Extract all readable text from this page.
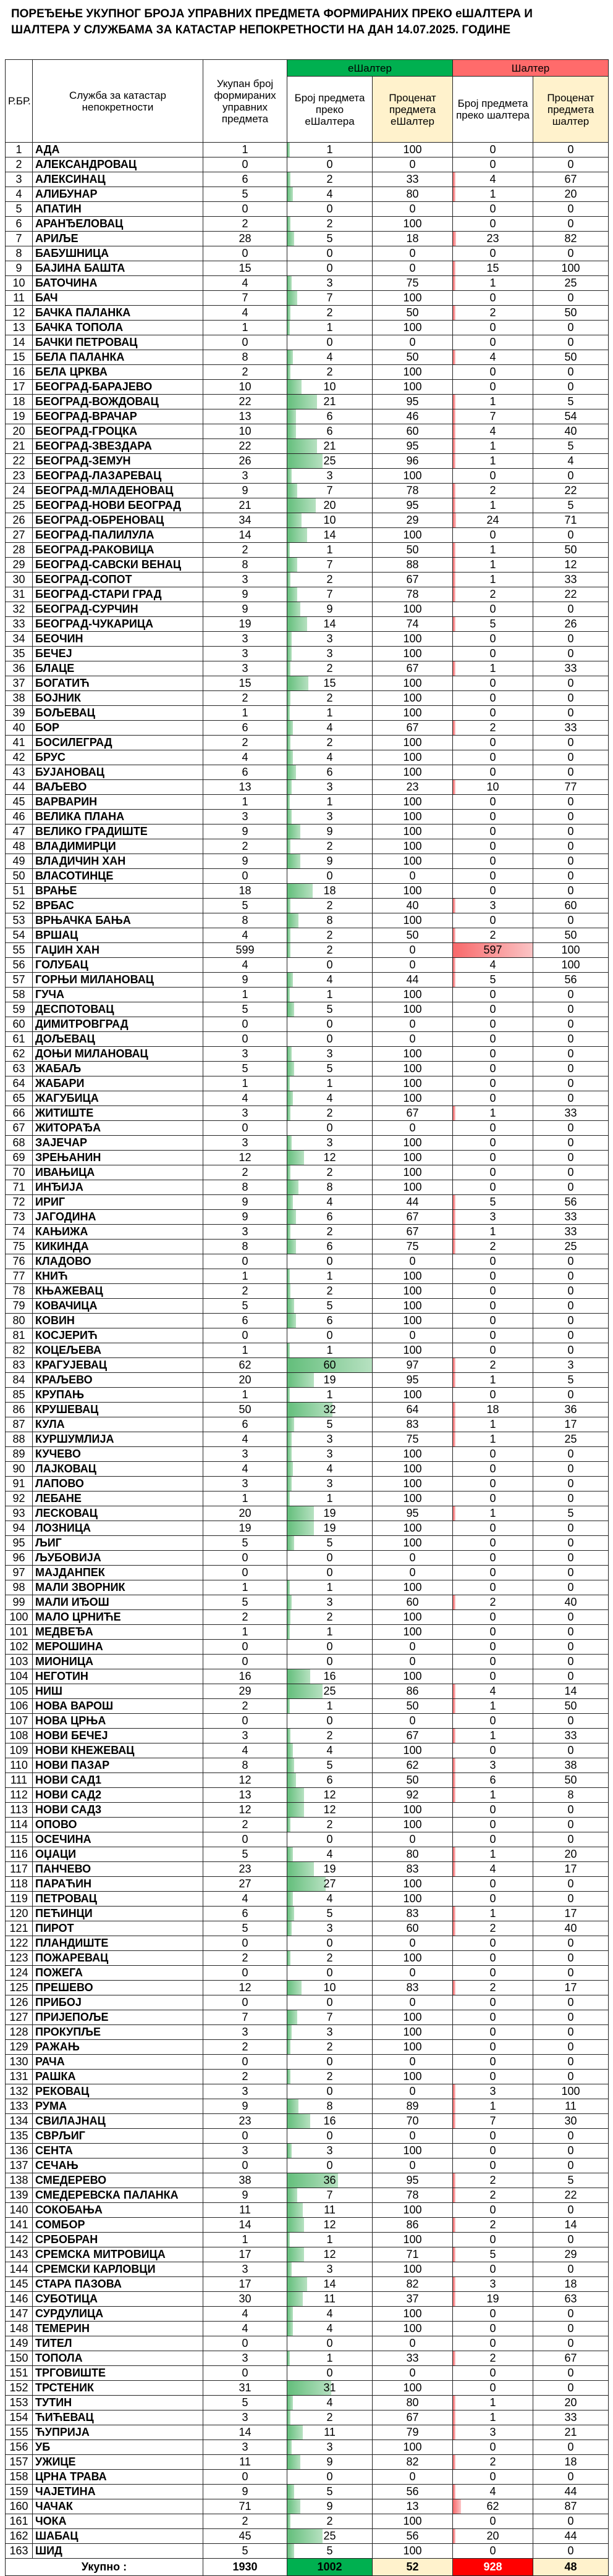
ПОРЕЂЕЊЕ УКУПНОГ БРОЈА УПРАВНИХ ПРЕДМЕТА ФОРМИРАНИХ ПРЕКО еШАЛТЕРА И
ШАЛТЕРА У СЛУЖБАМА ЗА КАТАСТАР НЕПОКРЕТНОСТИ НА ДАН 14.07.2025. ГОДИНЕ
Р.БР.	Служба за катастар непокретности	Укупан број формираних управних предмета	еШалтер		Шалтер	
			Број предмета преко еШалтера	Проценат предмета еШалтер	Број предмета преко шалтера	Проценат предмета шалтер
1	АДА	1	1	100	0	0
2	АЛЕКСАНДРОВАЦ	0	0	0	0	0
3	АЛЕКСИНАЦ	6	2	33	4	67
4	АЛИБУНАР	5	4	80	1	20
5	АПАТИН	0	0	0	0	0
6	АРАНЂЕЛОВАЦ	2	2	100	0	0
7	АРИЉЕ	28	5	18	23	82
8	БАБУШНИЦА	0	0	0	0	0
9	БАЈИНА БАШТА	15	0	0	15	100
10	БАТОЧИНА	4	3	75	1	25
11	БАЧ	7	7	100	0	0
12	БАЧКА ПАЛАНКА	4	2	50	2	50
13	БАЧКА ТОПОЛА	1	1	100	0	0
14	БАЧКИ ПЕТРОВАЦ	0	0	0	0	0
15	БЕЛА ПАЛАНКА	8	4	50	4	50
16	БЕЛА ЦРКВА	2	2	100	0	0
17	БЕОГРАД-БАРАЈЕВО	10	10	100	0	0
18	БЕОГРАД-ВОЖДОВАЦ	22	21	95	1	5
19	БЕОГРАД-ВРАЧАР	13	6	46	7	54
20	БЕОГРАД-ГРОЦКА	10	6	60	4	40
21	БЕОГРАД-ЗВЕЗДАРА	22	21	95	1	5
22	БЕОГРАД-ЗЕМУН	26	25	96	1	4
23	БЕОГРАД-ЛАЗАРЕВАЦ	3	3	100	0	0
24	БЕОГРАД-МЛАДЕНОВАЦ	9	7	78	2	22
25	БЕОГРАД-НОВИ БЕОГРАД	21	20	95	1	5
26	БЕОГРАД-ОБРЕНОВАЦ	34	10	29	24	71
27	БЕОГРАД-ПАЛИЛУЛА	14	14	100	0	0
28	БЕОГРАД-РАКОВИЦА	2	1	50	1	50
29	БЕОГРАД-САВСКИ ВЕНАЦ	8	7	88	1	12
30	БЕОГРАД-СОПОТ	3	2	67	1	33
31	БЕОГРАД-СТАРИ ГРАД	9	7	78	2	22
32	БЕОГРАД-СУРЧИН	9	9	100	0	0
33	БЕОГРАД-ЧУКАРИЦА	19	14	74	5	26
34	БЕОЧИН	3	3	100	0	0
35	БЕЧЕЈ	3	3	100	0	0
36	БЛАЦЕ	3	2	67	1	33
37	БОГАТИЋ	15	15	100	0	0
38	БОЈНИК	2	2	100	0	0
39	БОЉЕВАЦ	1	1	100	0	0
40	БОР	6	4	67	2	33
41	БОСИЛЕГРАД	2	2	100	0	0
42	БРУС	4	4	100	0	0
43	БУЈАНОВАЦ	6	6	100	0	0
44	ВАЉЕВО	13	3	23	10	77
45	ВАРВАРИН	1	1	100	0	0
46	ВЕЛИКА ПЛАНА	3	3	100	0	0
47	ВЕЛИКО ГРАДИШТЕ	9	9	100	0	0
48	ВЛАДИМИРЦИ	2	2	100	0	0
49	ВЛАДИЧИН ХАН	9	9	100	0	0
50	ВЛАСОТИНЦЕ	0	0	0	0	0
51	ВРАЊЕ	18	18	100	0	0
52	ВРБАС	5	2	40	3	60
53	ВРЊАЧКА БАЊА	8	8	100	0	0
54	ВРШАЦ	4	2	50	2	50
55	ГАЏИН ХАН	599	2	0	597	100
56	ГОЛУБАЦ	4	0	0	4	100
57	ГОРЊИ МИЛАНОВАЦ	9	4	44	5	56
58	ГУЧА	1	1	100	0	0
59	ДЕСПОТОВАЦ	5	5	100	0	0
60	ДИМИТРОВГРАД	0	0	0	0	0
61	ДОЉЕВАЦ	0	0	0	0	0
62	ДОЊИ МИЛАНОВАЦ	3	3	100	0	0
63	ЖАБАЉ	5	5	100	0	0
64	ЖАБАРИ	1	1	100	0	0
65	ЖАГУБИЦА	4	4	100	0	0
66	ЖИТИШТЕ	3	2	67	1	33
67	ЖИТОРАЂА	0	0	0	0	0
68	ЗАЈЕЧАР	3	3	100	0	0
69	ЗРЕЊАНИН	12	12	100	0	0
70	ИВАЊИЦА	2	2	100	0	0
71	ИНЂИЈА	8	8	100	0	0
72	ИРИГ	9	4	44	5	56
73	ЈАГОДИНА	9	6	67	3	33
74	КАЊИЖА	3	2	67	1	33
75	КИКИНДА	8	6	75	2	25
76	КЛАДОВО	0	0	0	0	0
77	КНИЋ	1	1	100	0	0
78	КЊАЖЕВАЦ	2	2	100	0	0
79	КОВАЧИЦА	5	5	100	0	0
80	КОВИН	6	6	100	0	0
81	КОСЈЕРИЋ	0	0	0	0	0
82	КОЦЕЉЕВА	1	1	100	0	0
83	КРАГУЈЕВАЦ	62	60	97	2	3
84	КРАЉЕВО	20	19	95	1	5
85	КРУПАЊ	1	1	100	0	0
86	КРУШЕВАЦ	50	32	64	18	36
87	КУЛА	6	5	83	1	17
88	КУРШУМЛИЈА	4	3	75	1	25
89	КУЧЕВО	3	3	100	0	0
90	ЛАЈКОВАЦ	4	4	100	0	0
91	ЛАПОВО	3	3	100	0	0
92	ЛЕБАНЕ	1	1	100	0	0
93	ЛЕСКОВАЦ	20	19	95	1	5
94	ЛОЗНИЦА	19	19	100	0	0
95	ЉИГ	5	5	100	0	0
96	ЉУБОВИЈА	0	0	0	0	0
97	МАЈДАНПЕК	0	0	0	0	0
98	МАЛИ ЗВОРНИК	1	1	100	0	0
99	МАЛИ ИЂОШ	5	3	60	2	40
100	МАЛО ЦРНИЋЕ	2	2	100	0	0
101	МЕДВЕЂА	1	1	100	0	0
102	МЕРОШИНА	0	0	0	0	0
103	МИОНИЦА	0	0	0	0	0
104	НЕГОТИН	16	16	100	0	0
105	НИШ	29	25	86	4	14
106	НОВА ВАРОШ	2	1	50	1	50
107	НОВА ЦРЊА	0	0	0	0	0
108	НОВИ БЕЧЕЈ	3	2	67	1	33
109	НОВИ КНЕЖЕВАЦ	4	4	100	0	0
110	НОВИ ПАЗАР	8	5	62	3	38
111	НОВИ САД1	12	6	50	6	50
112	НОВИ САД2	13	12	92	1	8
113	НОВИ САД3	12	12	100	0	0
114	ОПОВО	2	2	100	0	0
115	ОСЕЧИНА	0	0	0	0	0
116	ОЏАЦИ	5	4	80	1	20
117	ПАНЧЕВО	23	19	83	4	17
118	ПАРАЋИН	27	27	100	0	0
119	ПЕТРОВАЦ	4	4	100	0	0
120	ПЕЋИНЦИ	6	5	83	1	17
121	ПИРОТ	5	3	60	2	40
122	ПЛАНДИШТЕ	0	0	0	0	0
123	ПОЖАРЕВАЦ	2	2	100	0	0
124	ПОЖЕГА	0	0	0	0	0
125	ПРЕШЕВО	12	10	83	2	17
126	ПРИБОЈ	0	0	0	0	0
127	ПРИЈЕПОЉЕ	7	7	100	0	0
128	ПРОКУПЉЕ	3	3	100	0	0
129	РАЖАЊ	2	2	100	0	0
130	РАЧА	0	0	0	0	0
131	РАШКА	2	2	100	0	0
132	РЕКОВАЦ	3	0	0	3	100
133	РУМА	9	8	89	1	11
134	СВИЛАЈНАЦ	23	16	70	7	30
135	СВРЉИГ	0	0	0	0	0
136	СЕНТА	3	3	100	0	0
137	СЕЧАЊ	0	0	0	0	0
138	СМЕДЕРЕВО	38	36	95	2	5
139	СМЕДЕРЕВСКА ПАЛАНКА	9	7	78	2	22
140	СОКОБАЊА	11	11	100	0	0
141	СОМБОР	14	12	86	2	14
142	СРБОБРАН	1	1	100	0	0
143	СРЕМСКА МИТРОВИЦА	17	12	71	5	29
144	СРЕМСКИ КАРЛОВЦИ	3	3	100	0	0
145	СТАРА ПАЗОВА	17	14	82	3	18
146	СУБОТИЦА	30	11	37	19	63
147	СУРДУЛИЦА	4	4	100	0	0
148	ТЕМЕРИН	4	4	100	0	0
149	ТИТЕЛ	0	0	0	0	0
150	ТОПОЛА	3	1	33	2	67
151	ТРГОВИШТЕ	0	0	0	0	0
152	ТРСТЕНИК	31	31	100	0	0
153	ТУТИН	5	4	80	1	20
154	ЋИЋЕВАЦ	3	2	67	1	33
155	ЋУПРИЈА	14	11	79	3	21
156	УБ	3	3	100	0	0
157	УЖИЦЕ	11	9	82	2	18
158	ЦРНА ТРАВА	0	0	0	0	0
159	ЧАЈЕТИНА	9	5	56	4	44
160	ЧАЧАК	71	9	13	62	87
161	ЧОКА	2	2	100	0	0
162	ШАБАЦ	45	25	56	20	44
163	ШИД	5	5	100	0	0
Укупно :		1930	1002	52	928	48
